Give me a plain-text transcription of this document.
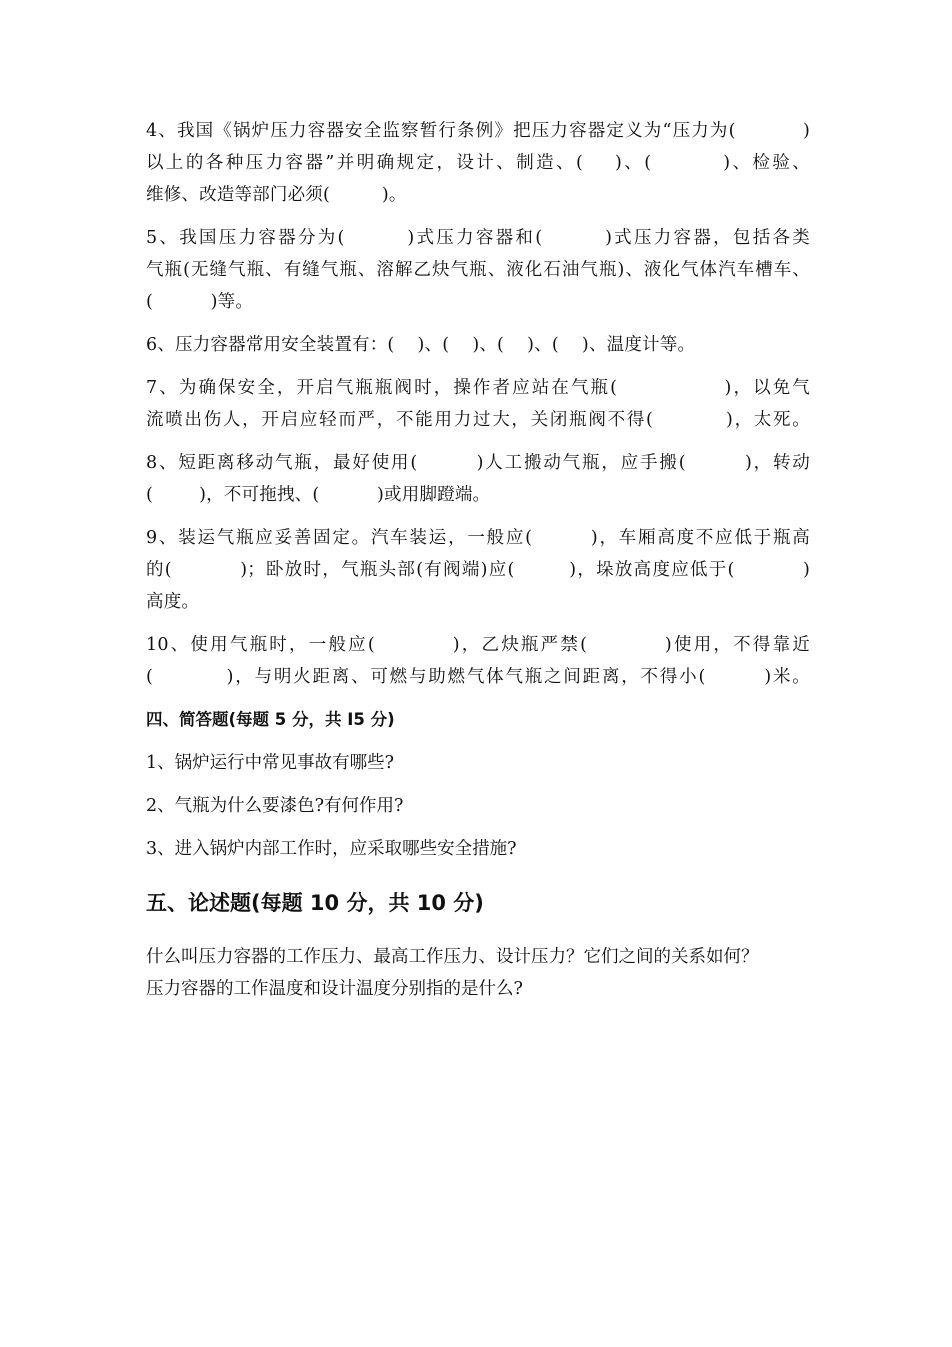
4、我国《锅炉压力容器安全监察暂行条例》把压力容器定义为“压力为(          )
以上的各种压力容器”并明确规定，设计、制造、(    )、(         )、检验、
维修、改造等部门必须(         )。
5、我国压力容器分为(        )式压力容器和(        )式压力容器，包括各类
气瓶(无缝气瓶、有缝气瓶、溶解乙炔气瓶、液化石油气瓶)、液化气体汽车槽车、
(          )等。
6、压力容器常用安全装置有：(    )、(    )、(    )、(    )、温度计等。
7、为确保安全，开启气瓶瓶阀时，操作者应站在气瓶(              )，以免气
流喷出伤人，开启应轻而严，不能用力过大，关闭瓶阀不得(          )，太死。
8、短距离移动气瓶，最好使用(        )人工搬动气瓶，应手搬(        )，转动
(        )，不可拖拽、(          )或用脚蹬端。
9、装运气瓶应妥善固定。汽车装运，一般应(        )，车厢高度不应低于瓶高
的(          )；卧放时，气瓶头部(有阀端)应(        )，垛放高度应低于(          )
高度。
10、使用气瓶时，一般应(          )，乙炔瓶严禁(          )使用，不得靠近
(          )，与明火距离、可燃与助燃气体气瓶之间距离，不得小(        )米。
四、简答题(每题 5 分，共 I5 分)
1、锅炉运行中常见事故有哪些?
2、气瓶为什么要漆色?有何作用?
3、进入锅炉内部工作时，应采取哪些安全措施?
五、论述题(每题 10 分，共 10 分)
什么叫压力容器的工作压力、最高工作压力、设计压力？它们之间的关系如何？
压力容器的工作温度和设计温度分别指的是什么?
